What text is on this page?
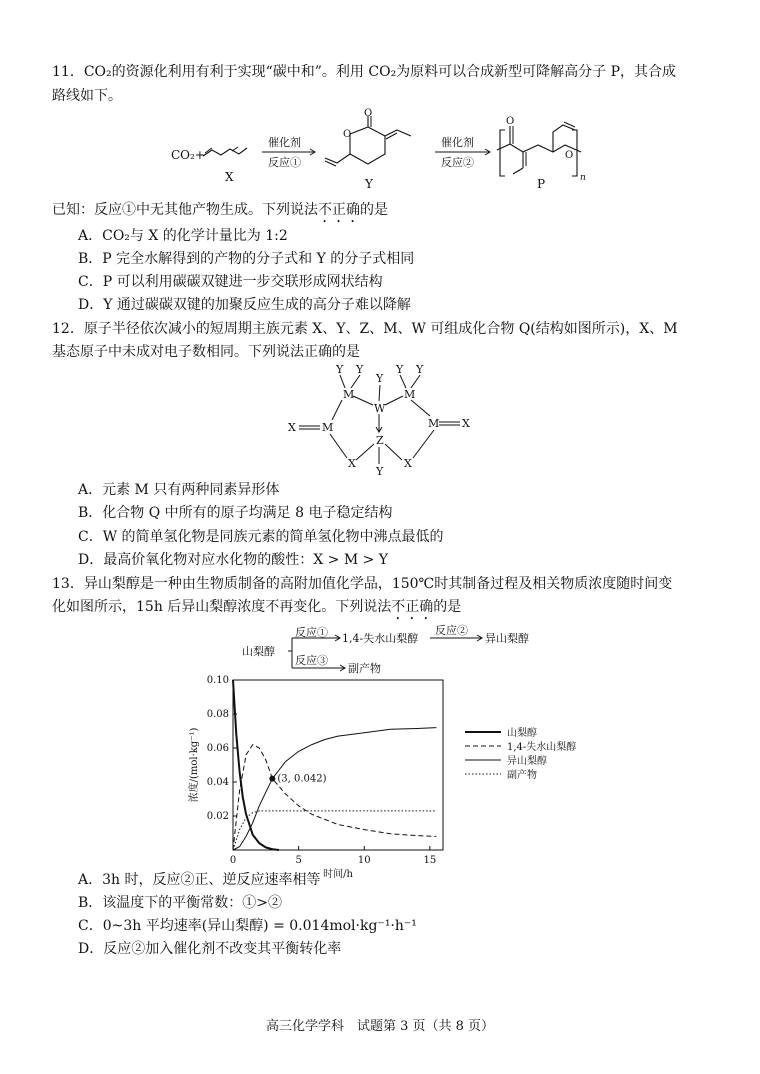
11．CO₂的资源化利用有利于实现“碳中和”。利用 CO₂为原料可以合成新型可降解高分子 P，其合成
路线如下。
CO₂+
X
催化剂
反应①
O
O
Y
催化剂
反应②
O
O
n
P
已知：反应①中无其他产物生成。下列说法不正确的是
A．CO₂与 X 的化学计量比为 1:2
B．P 完全水解得到的产物的分子式和 Y 的分子式相同
C．P 可以利用碳碳双键进一步交联形成网状结构
D．Y 通过碳碳双键的加聚反应生成的高分子难以降解
12．原子半径依次减小的短周期主族元素 X、Y、Z、M、W 可组成化合物 Q(结构如图所示)，X、M
基态原子中未成对电子数相同。下列说法正确的是
Y Y
Y
Y Y
M
W
M
X M	M X
Z
X	X
Y
A．元素 M 只有两种同素异形体
B．化合物 Q 中所有的原子均满足 8 电子稳定结构
C．W 的简单氢化物是同族元素的简单氢化物中沸点最低的
D．最高价氧化物对应水化物的酸性：X > M > Y
13．异山梨醇是一种由生物质制备的高附加值化学品，150℃时其制备过程及相关物质浓度随时间变
化如图所示，15h 后异山梨醇浓度不再变化。下列说法不正确的是
山梨醇
反应① 1,4-失水山梨醇
反应②
异山梨醇
反应③
副产物
0	5	10	15
0.10
0.08
0.06
0.04
0.02
时间/h
浓度/(mol·kg⁻¹)	(3, 0.042)
山梨醇
1,4-失水山梨醇
异山梨醇
副产物
A．3h 时，反应②正、逆反应速率相等
B．该温度下的平衡常数：①>②
C．0~3h 平均速率(异山梨醇) = 0.014mol·kg⁻¹·h⁻¹
D．反应②加入催化剂不改变其平衡转化率
高三化学学科　试题第 3 页（共 8 页）
